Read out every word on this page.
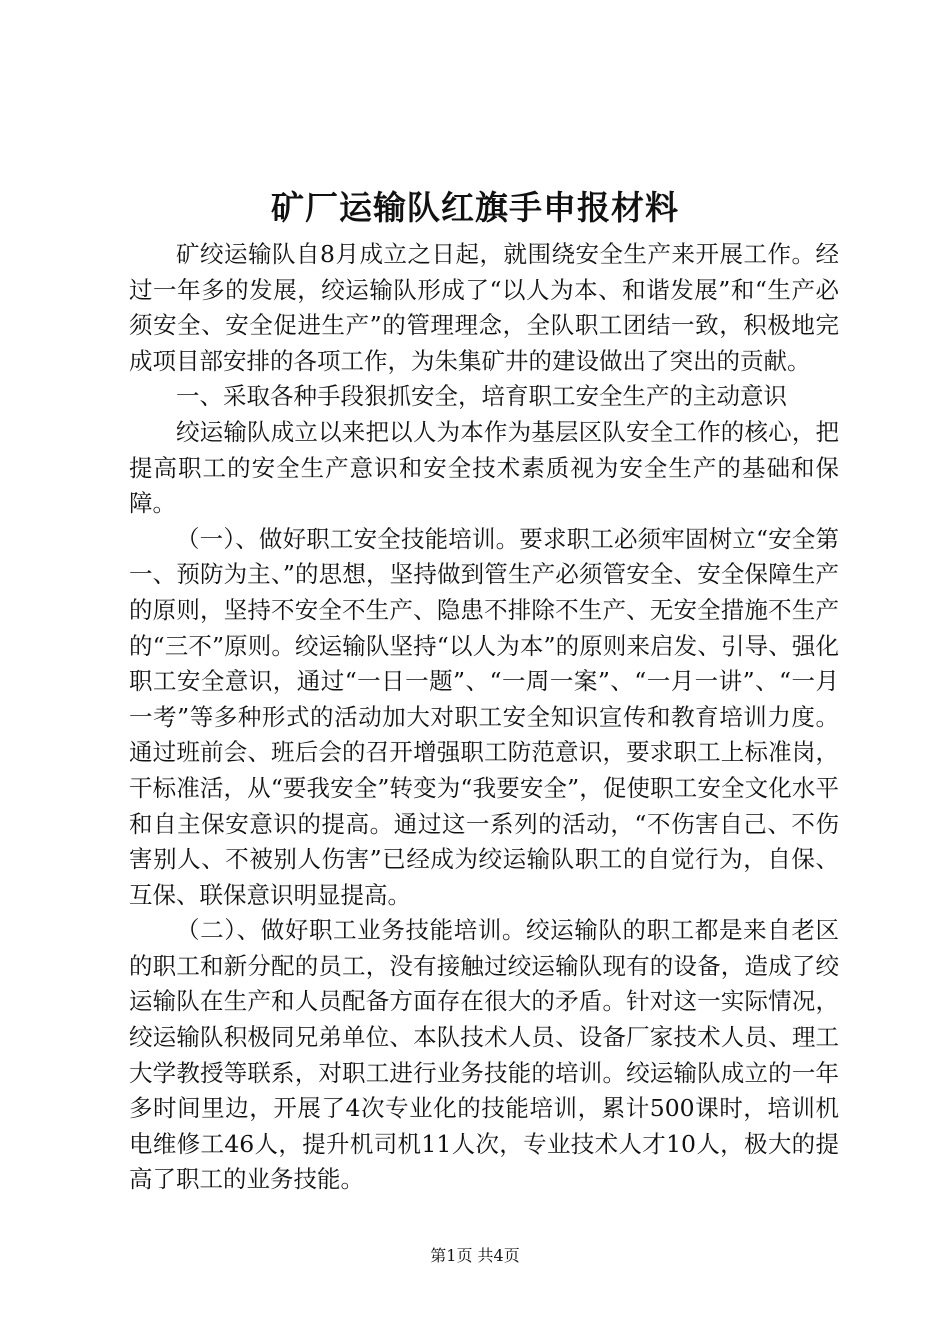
矿厂运输队红旗手申报材料

矿绞运输队自8月成立之日起，就围绕安全生产来开展工作。经过一年多的发展，绞运输队形成了“以人为本、和谐发展”和“生产必须安全、安全促进生产”的管理理念，全队职工团结一致，积极地完成项目部安排的各项工作，为朱集矿井的建设做出了突出的贡献。

一、采取各种手段狠抓安全，培育职工安全生产的主动意识

绞运输队成立以来把以人为本作为基层区队安全工作的核心，把提高职工的安全生产意识和安全技术素质视为安全生产的基础和保障。

（一）、做好职工安全技能培训。要求职工必须牢固树立“安全第一、预防为主、”的思想，坚持做到管生产必须管安全、安全保障生产的原则，坚持不安全不生产、隐患不排除不生产、无安全措施不生产的“三不”原则。绞运输队坚持“以人为本”的原则来启发、引导、强化职工安全意识，通过“一日一题”、“一周一案”、“一月一讲”、“一月一考”等多种形式的活动加大对职工安全知识宣传和教育培训力度。通过班前会、班后会的召开增强职工防范意识，要求职工上标准岗，干标准活，从“要我安全”转变为“我要安全”，促使职工安全文化水平和自主保安意识的提高。通过这一系列的活动，“不伤害自己、不伤害别人、不被别人伤害”已经成为绞运输队职工的自觉行为，自保、互保、联保意识明显提高。

（二）、做好职工业务技能培训。绞运输队的职工都是来自老区的职工和新分配的员工，没有接触过绞运输队现有的设备，造成了绞运输队在生产和人员配备方面存在很大的矛盾。针对这一实际情况，绞运输队积极同兄弟单位、本队技术人员、设备厂家技术人员、理工大学教授等联系，对职工进行业务技能的培训。绞运输队成立的一年多时间里边，开展了4次专业化的技能培训，累计500课时，培训机电维修工46人，提升机司机11人次，专业技术人才10人，极大的提高了职工的业务技能。

第1页 共4页
